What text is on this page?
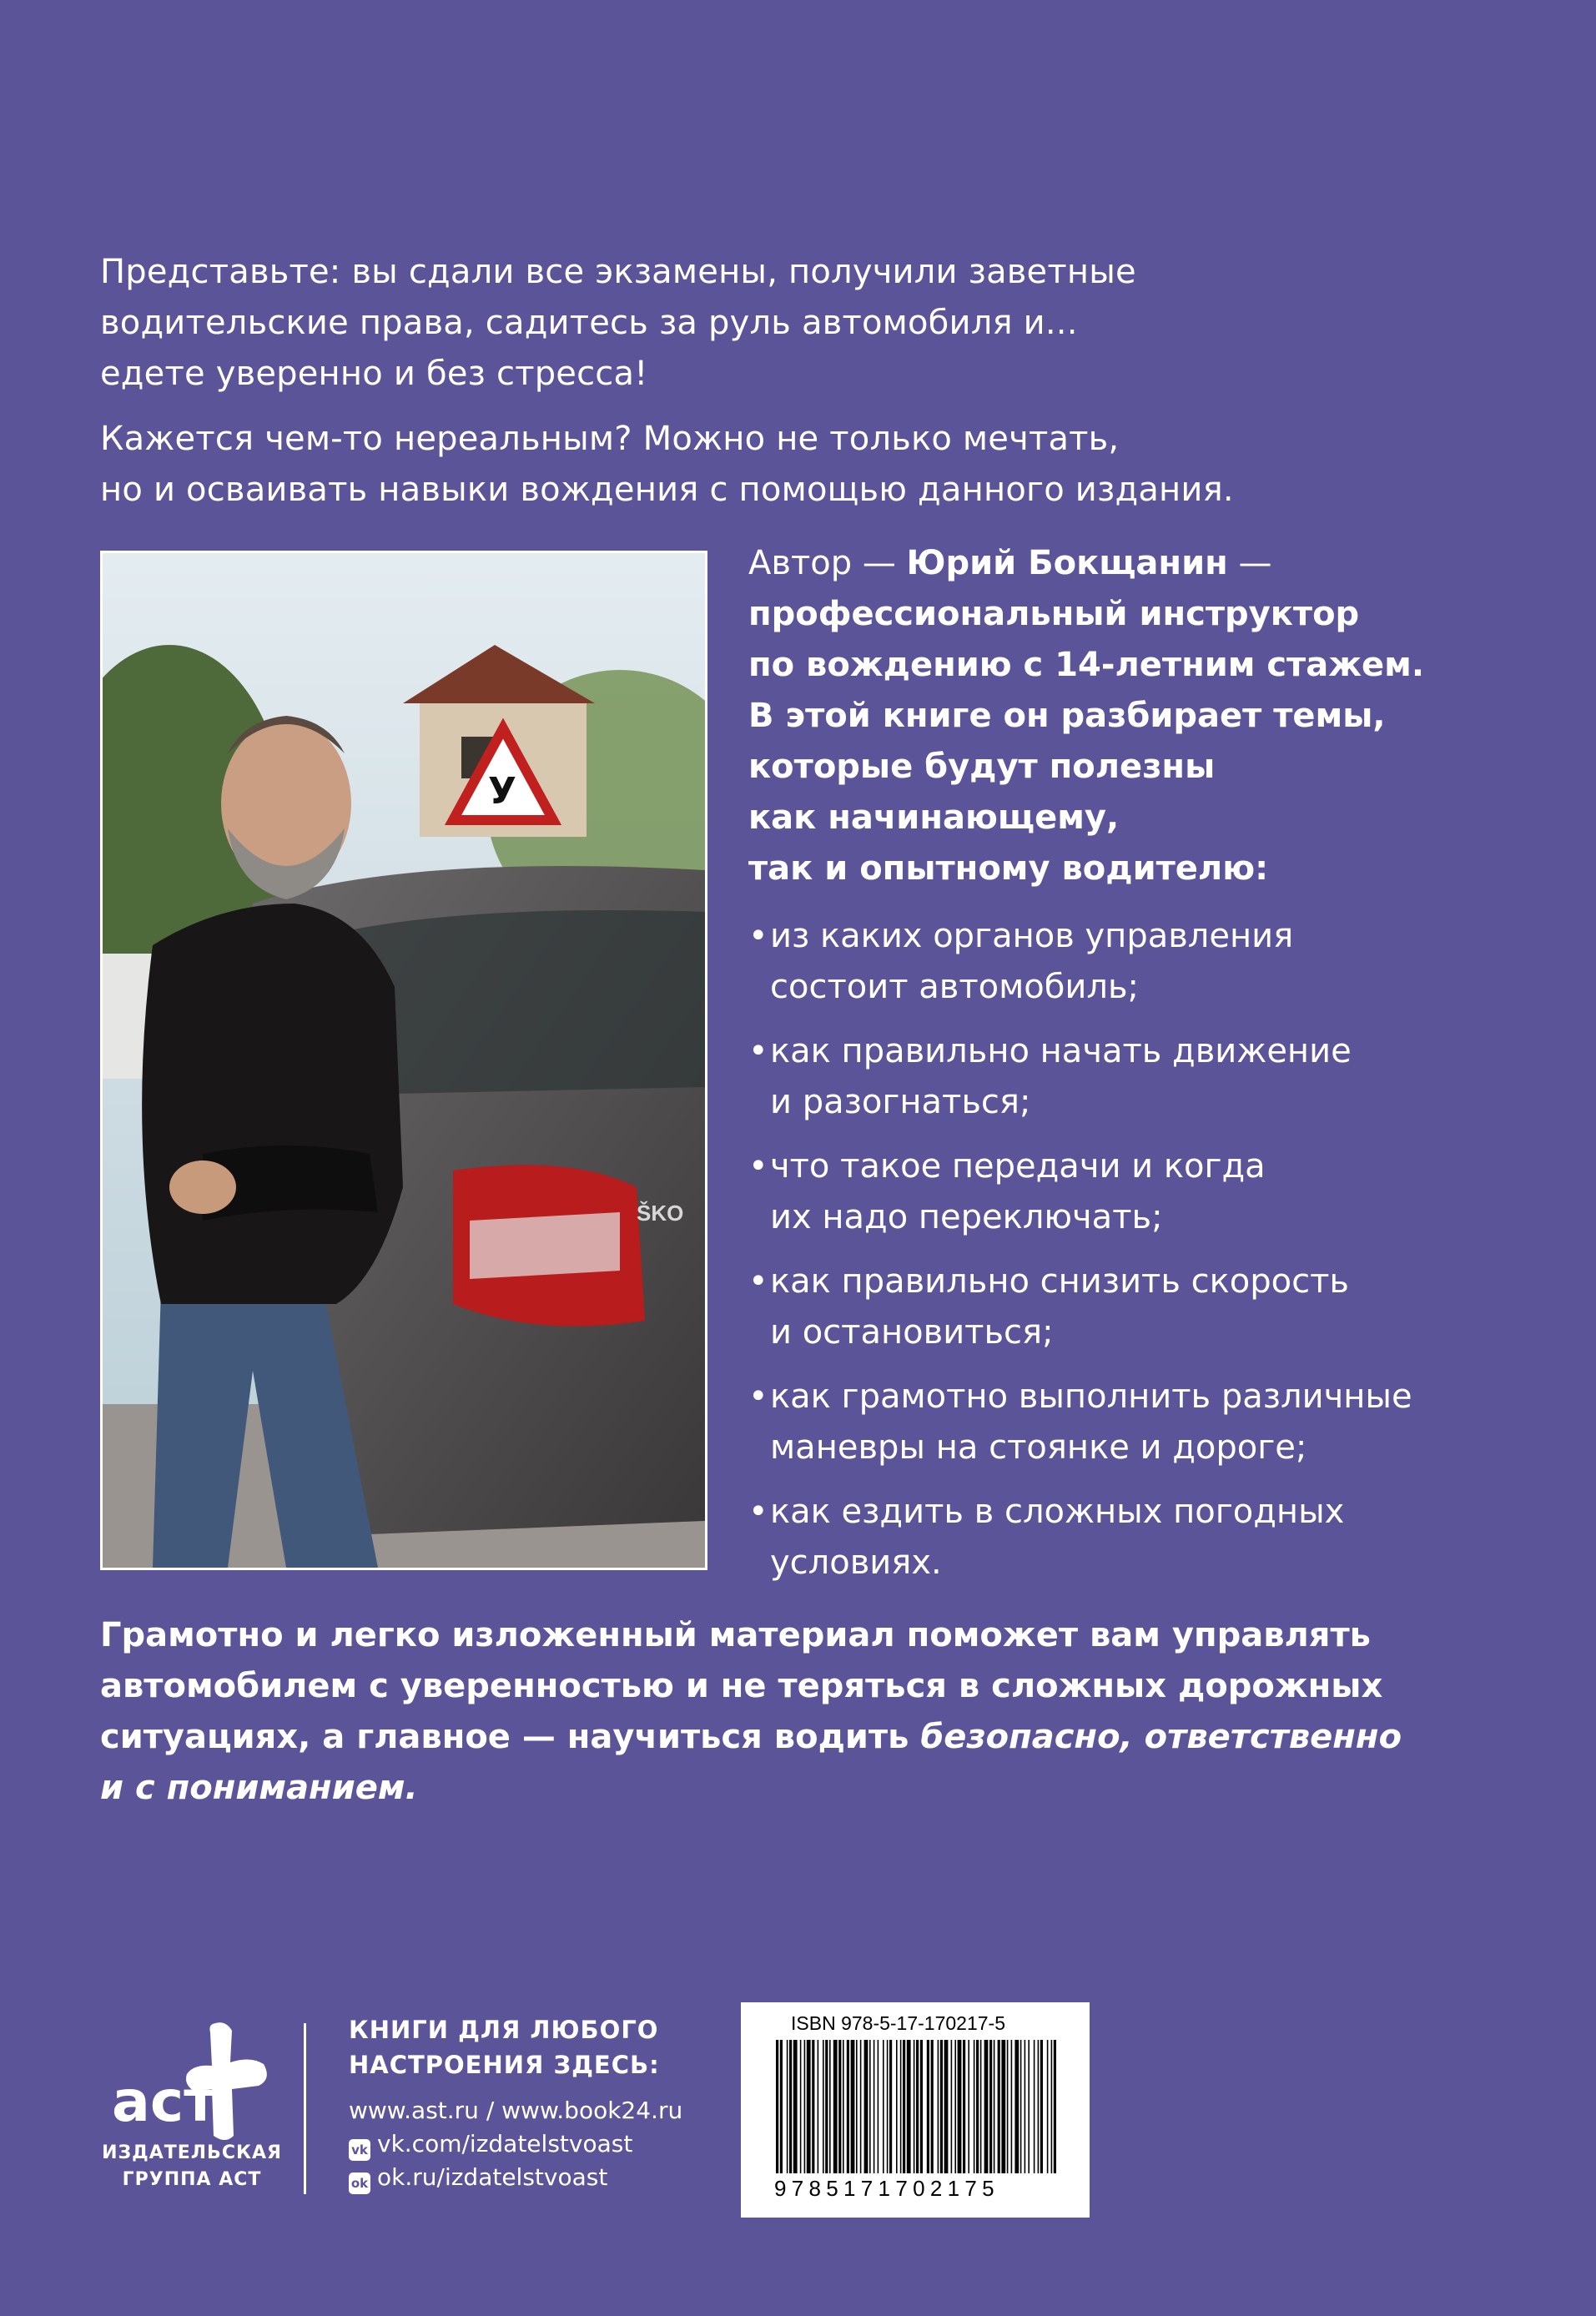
Представьте: вы сдали все экзамены, получили заветные
водительские права, садитесь за руль автомобиля и...
едете уверенно и без стресса!
Кажется чем-то нереальным? Можно не только мечтать,
но и осваивать навыки вождения с помощью данного издания.
ŠKO
У
Автор — Юрий Бокщанин —
профессиональный инструктор
по вождению с 14-летним стажем.
В этой книге он разбирает темы,
которые будут полезны
как начинающему,
так и опытному водителю:
• из каких органов управления
состоит автомобиль;
• как правильно начать движение
и разогнаться;
• что такое передачи и когда
их надо переключать;
• как правильно снизить скорость
и остановиться;
• как грамотно выполнить различные
маневры на стоянке и дороге;
• как ездить в сложных погодных
условиях.
Грамотно и легко изложенный материал поможет вам управлять
автомобилем с уверенностью и не теряться в сложных дорожных
ситуациях, а главное — научиться водить безопасно, ответственно
и с пониманием.
аст
ИЗДАТЕЛЬСКАЯ
ГРУППА АСТ
КНИГИ ДЛЯ ЛЮБОГО
НАСТРОЕНИЯ ЗДЕСЬ:
www.ast.ru / www.book24.ru
vk vk.com/izdatelstvoast
ok ok.ru/izdatelstvoast
ISBN 978-5-17-170217-5
9785171702175
